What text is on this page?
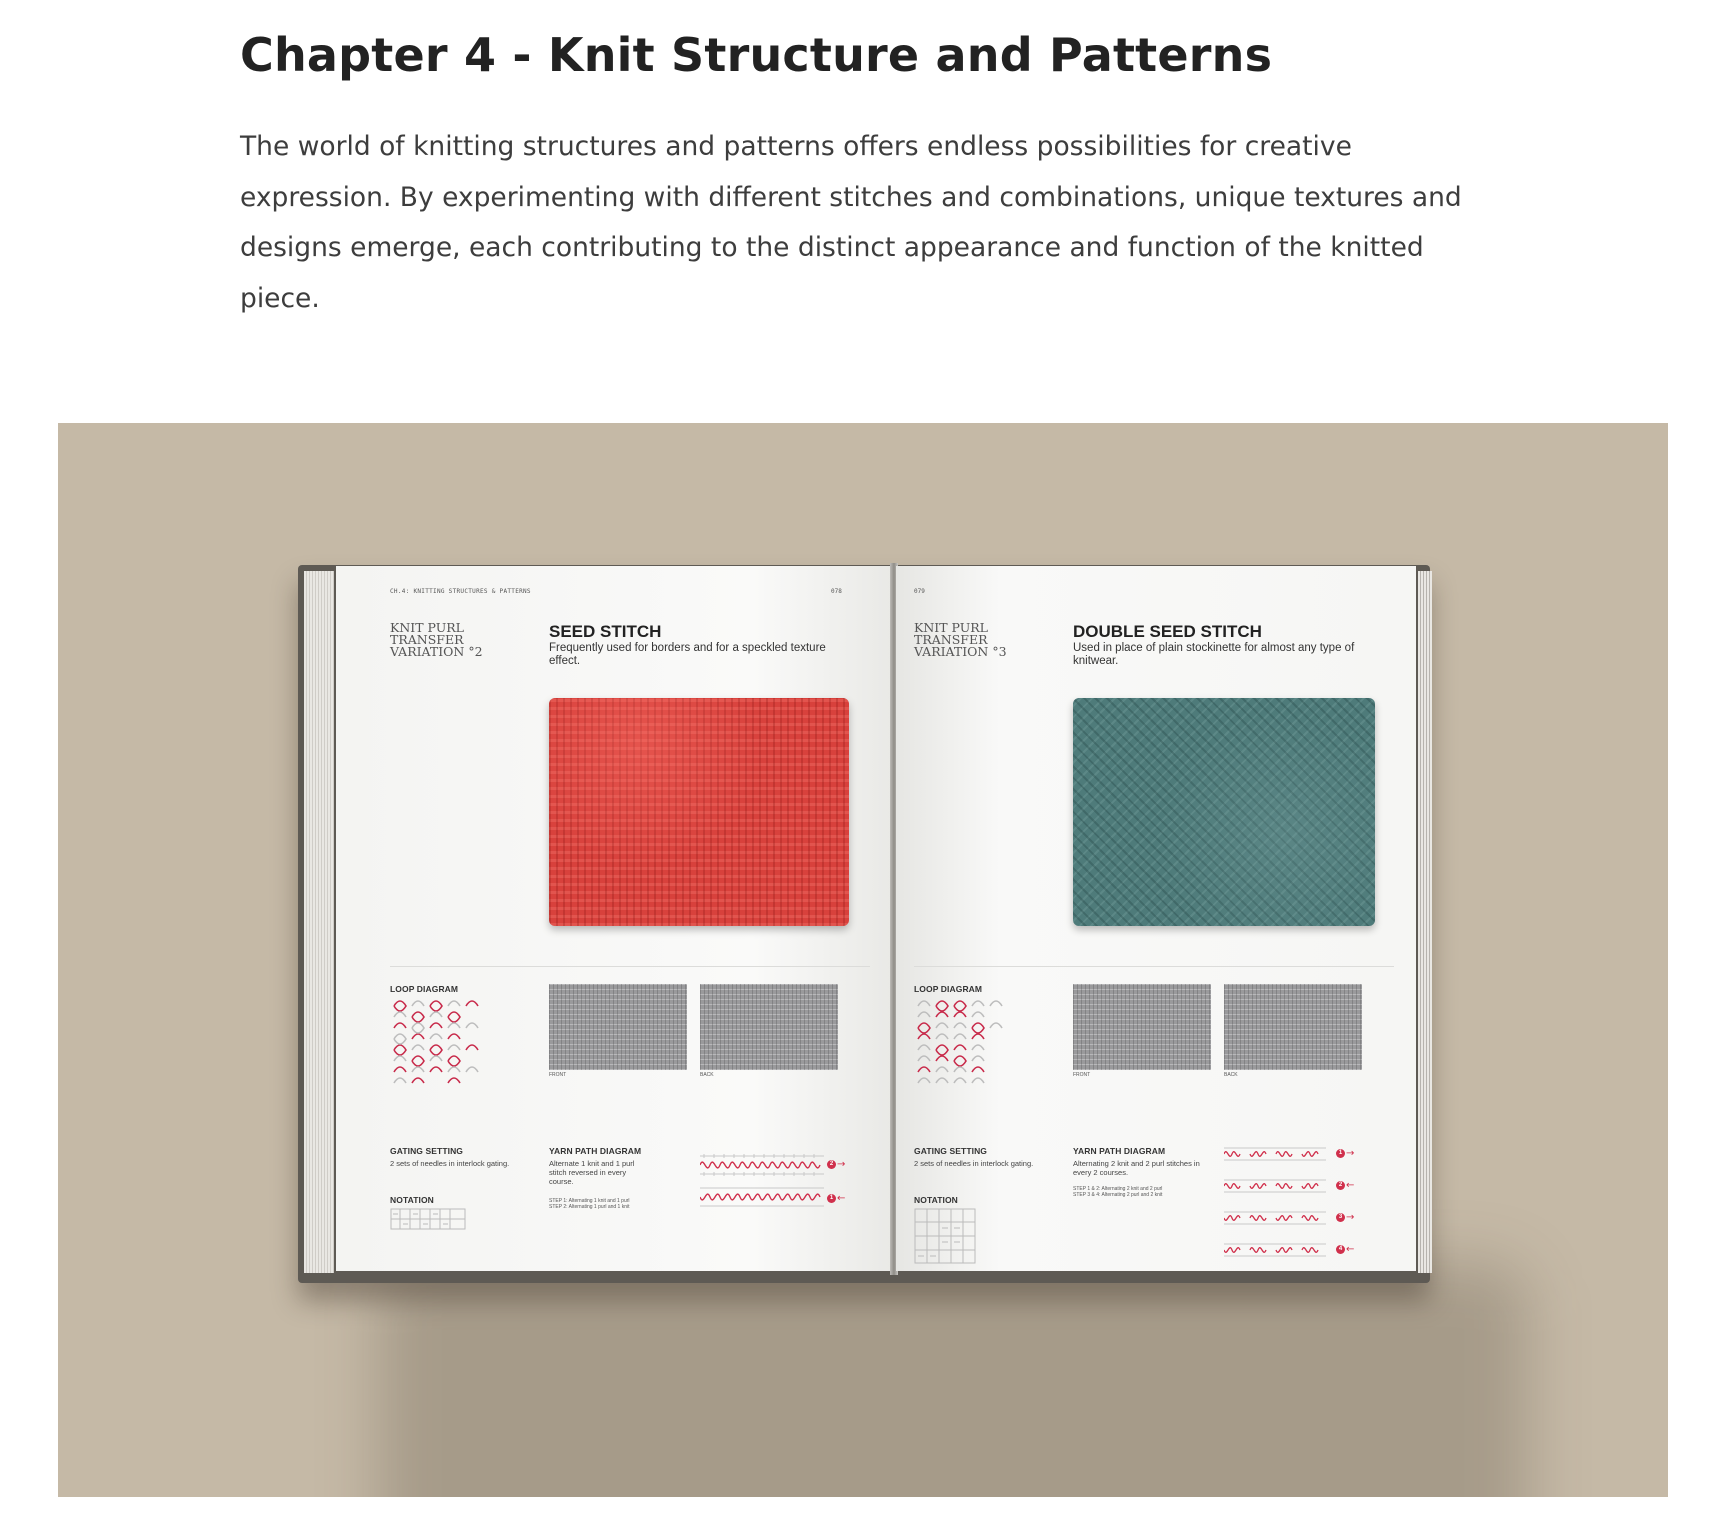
Chapter 4 - Knit Structure and Patterns

The world of knitting structures and patterns offers endless possibilities for creative expression. By experimenting with different stitches and combinations, unique textures and designs emerge, each contributing to the distinct appearance and function of the knitted piece.

CH.4: KNITTING STRUCTURES & PATTERNS	078
KNIT PURL
TRANSFER
VARIATION °2
SEED STITCH
Frequently used for borders and for a speckled texture effect.
LOOP DIAGRAM
FRONT	BACK
GATING SETTING
2 sets of needles in interlock gating.
NOTATION
YARN PATH DIAGRAM
Alternate 1 knit and 1 purl stitch reversed in every course.
STEP 1: Alternating 1 knit and 1 purl
STEP 2: Alternating 1 purl and 1 knit
2 →
1 ←
079
KNIT PURL
TRANSFER
VARIATION °3
DOUBLE SEED STITCH
Used in place of plain stockinette for almost any type of knitwear.
LOOP DIAGRAM
FRONT	BACK
GATING SETTING
2 sets of needles in interlock gating.
NOTATION
YARN PATH DIAGRAM
Alternating 2 knit and 2 purl stitches in every 2 courses.
STEP 1 & 2: Alternating 2 knit and 2 purl
STEP 3 & 4: Alternating 2 purl and 2 knit
1 →
2 ←
3 →
4 ←
